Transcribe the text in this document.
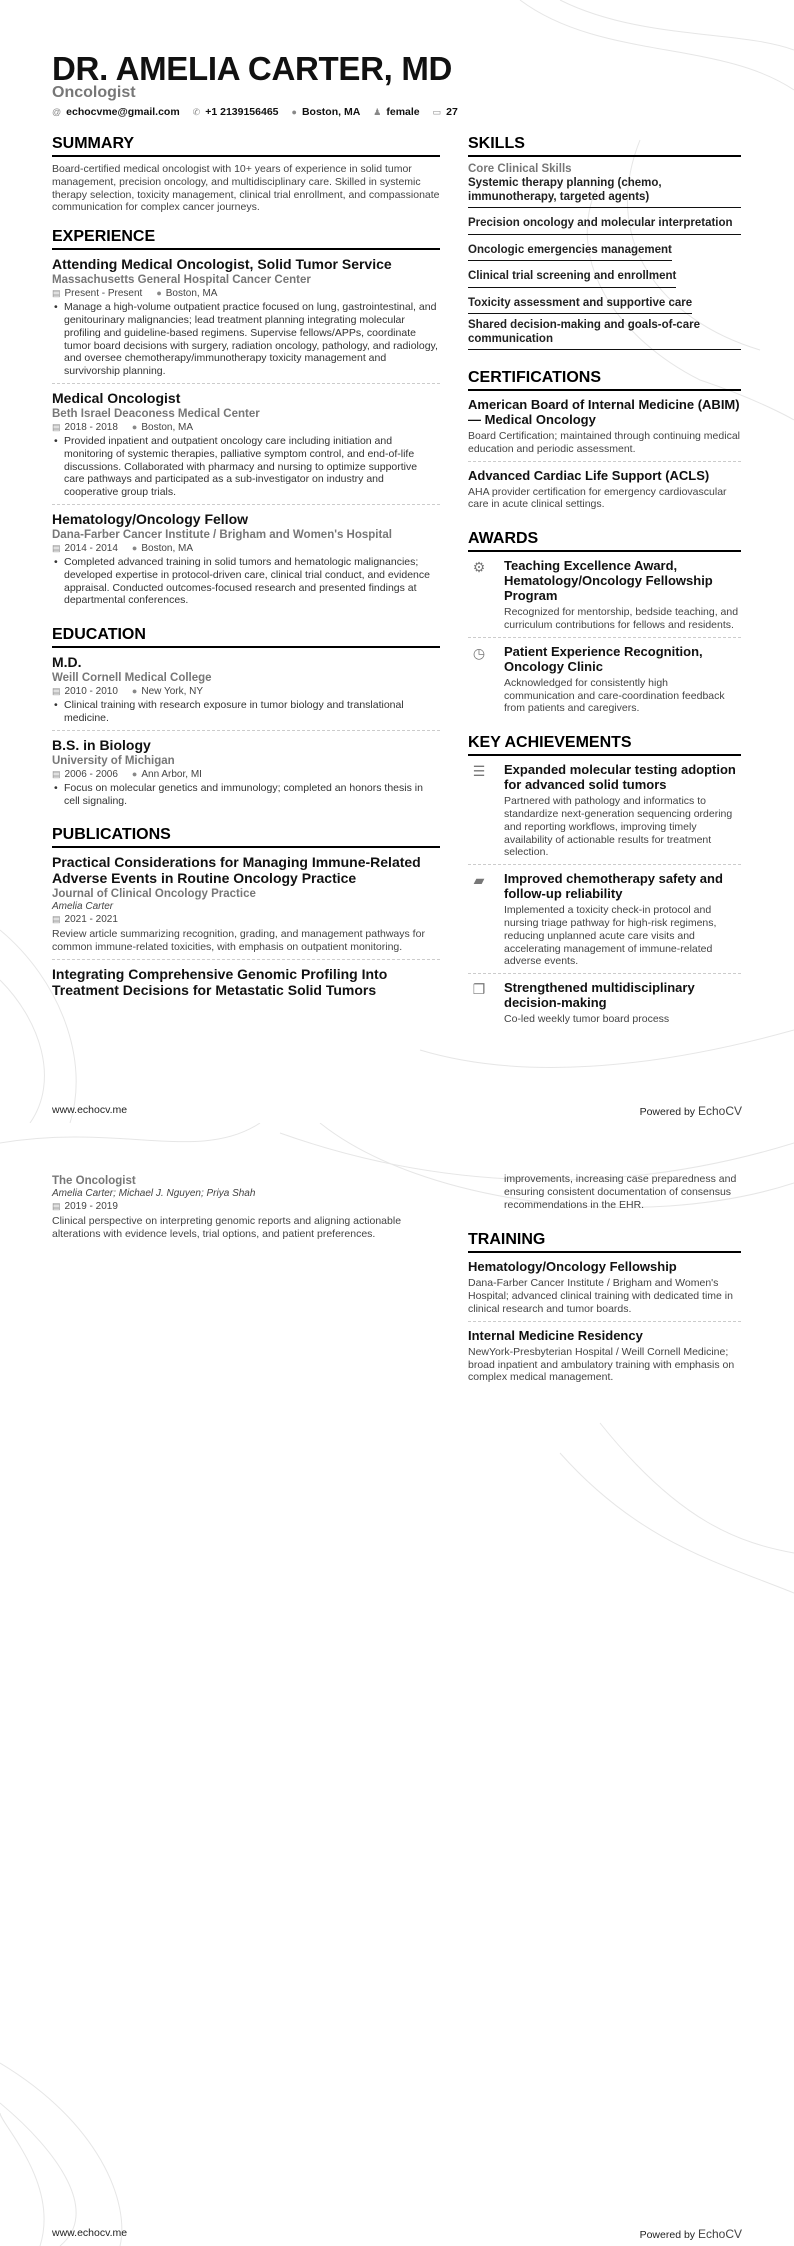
DR. AMELIA CARTER, MD
Oncologist
@ echocvme@gmail.com ✆ +1 2139156465 ● Boston, MA ♟ female ▭ 27
SUMMARY
Board-certified medical oncologist with 10+ years of experience in solid tumor management, precision oncology, and multidisciplinary care. Skilled in systemic therapy selection, toxicity management, clinical trial enrollment, and compassionate communication for complex cancer journeys.
EXPERIENCE
Attending Medical Oncologist, Solid Tumor Service
Massachusetts General Hospital Cancer Center
▤ Present - Present ● Boston, MA
• Manage a high-volume outpatient practice focused on lung, gastrointestinal, and genitourinary malignancies; lead treatment planning integrating molecular profiling and guideline-based regimens. Supervise fellows/APPs, coordinate tumor board decisions with surgery, radiation oncology, pathology, and radiology, and oversee chemotherapy/immunotherapy toxicity management and survivorship planning.
Medical Oncologist
Beth Israel Deaconess Medical Center
▤ 2018 - 2018 ● Boston, MA
• Provided inpatient and outpatient oncology care including initiation and monitoring of systemic therapies, palliative symptom control, and end-of-life discussions. Collaborated with pharmacy and nursing to optimize supportive care pathways and participated as a sub-investigator on industry and cooperative group trials.
Hematology/Oncology Fellow
Dana-Farber Cancer Institute / Brigham and Women's Hospital
▤ 2014 - 2014 ● Boston, MA
• Completed advanced training in solid tumors and hematologic malignancies; developed expertise in protocol-driven care, clinical trial conduct, and evidence appraisal. Conducted outcomes-focused research and presented findings at departmental conferences.
EDUCATION
M.D.
Weill Cornell Medical College
▤ 2010 - 2010 ● New York, NY
• Clinical training with research exposure in tumor biology and translational medicine.
B.S. in Biology
University of Michigan
▤ 2006 - 2006 ● Ann Arbor, MI
• Focus on molecular genetics and immunology; completed an honors thesis in cell signaling.
PUBLICATIONS
Practical Considerations for Managing Immune-Related Adverse Events in Routine Oncology Practice
Journal of Clinical Oncology Practice
Amelia Carter
▤ 2021 - 2021
Review article summarizing recognition, grading, and management pathways for common immune-related toxicities, with emphasis on outpatient monitoring.
Integrating Comprehensive Genomic Profiling Into Treatment Decisions for Metastatic Solid Tumors
SKILLS
Core Clinical Skills
Systemic therapy planning (chemo, immunotherapy, targeted agents)
Precision oncology and molecular interpretation
Oncologic emergencies management
Clinical trial screening and enrollment
Toxicity assessment and supportive care
Shared decision-making and goals-of-care communication
CERTIFICATIONS
American Board of Internal Medicine (ABIM) — Medical Oncology
Board Certification; maintained through continuing medical education and periodic assessment.
Advanced Cardiac Life Support (ACLS)
AHA provider certification for emergency cardiovascular care in acute clinical settings.
AWARDS
⚙	Teaching Excellence Award, Hematology/Oncology Fellowship Program
Recognized for mentorship, bedside teaching, and curriculum contributions for fellows and residents.
◷	Patient Experience Recognition, Oncology Clinic
Acknowledged for consistently high communication and care-coordination feedback from patients and caregivers.
KEY ACHIEVEMENTS
☰	Expanded molecular testing adoption for advanced solid tumors
Partnered with pathology and informatics to standardize next-generation sequencing ordering and reporting workflows, improving timely availability of actionable results for treatment selection.
▰	Improved chemotherapy safety and follow-up reliability
Implemented a toxicity check-in protocol and nursing triage pathway for high-risk regimens, reducing unplanned acute care visits and accelerating management of immune-related adverse events.
❐	Strengthened multidisciplinary decision-making
Co-led weekly tumor board process
www.echocv.me	Powered by EchoCV
The Oncologist
Amelia Carter; Michael J. Nguyen; Priya Shah
▤ 2019 - 2019
Clinical perspective on interpreting genomic reports and aligning actionable alterations with evidence levels, trial options, and patient preferences.
improvements, increasing case preparedness and ensuring consistent documentation of consensus recommendations in the EHR.
TRAINING
Hematology/Oncology Fellowship
Dana-Farber Cancer Institute / Brigham and Women's Hospital; advanced clinical training with dedicated time in clinical research and tumor boards.
Internal Medicine Residency
NewYork-Presbyterian Hospital / Weill Cornell Medicine; broad inpatient and ambulatory training with emphasis on complex medical management.
www.echocv.me	Powered by EchoCV
